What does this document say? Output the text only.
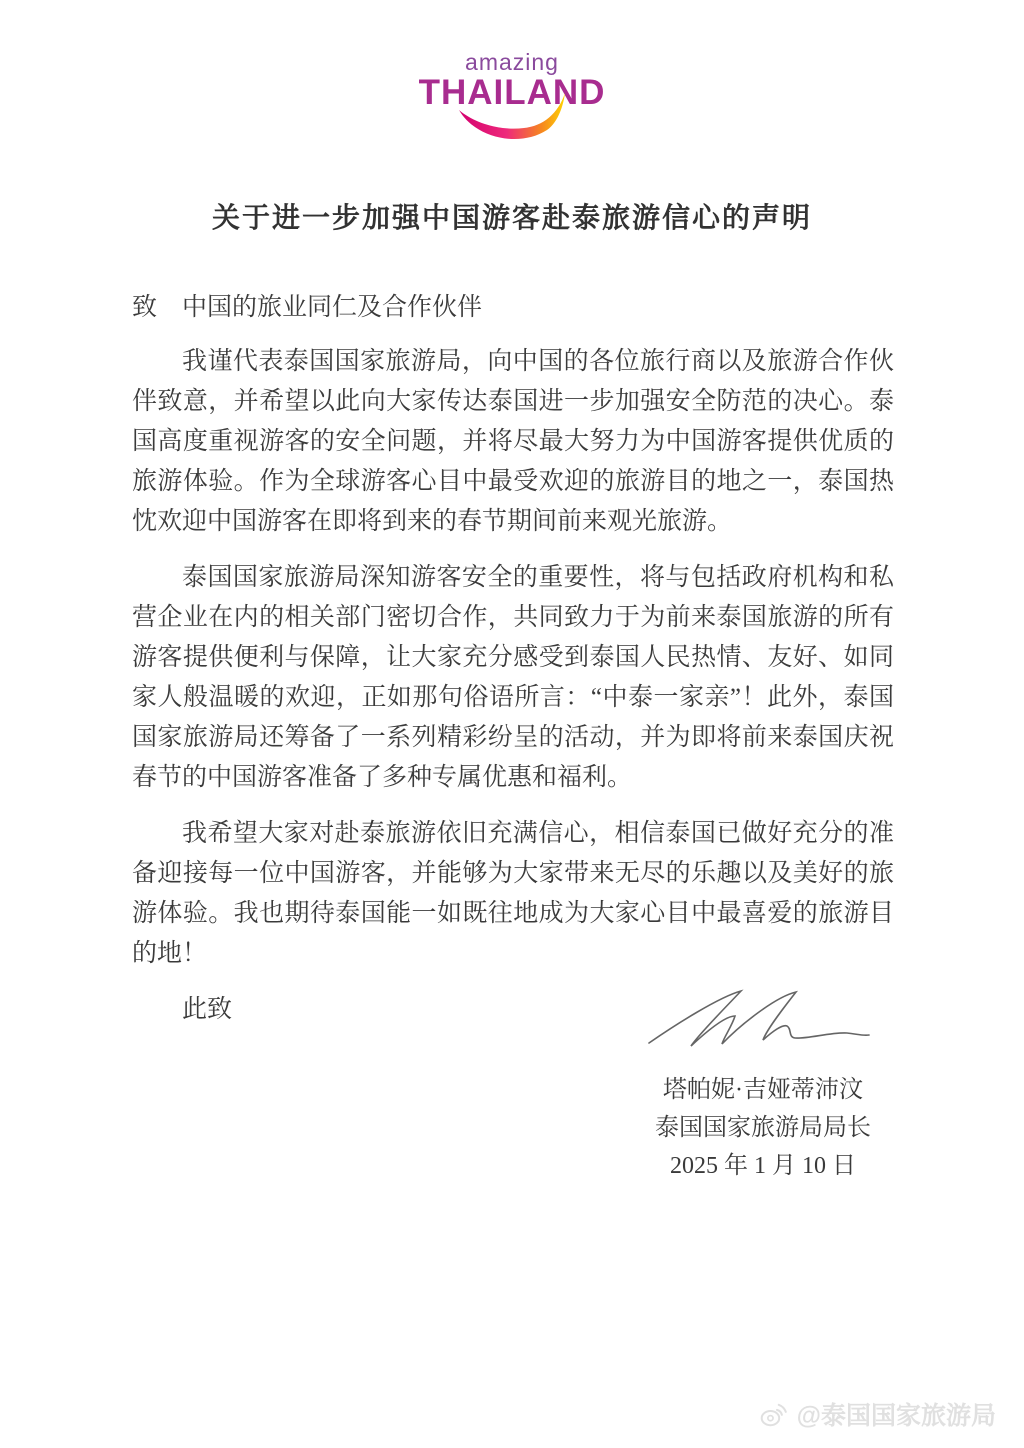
amazing
THAILAND
关于进一步加强中国游客赴泰旅游信心的声明
致　中国的旅业同仁及合作伙伴

我谨代表泰国国家旅游局，向中国的各位旅行商以及旅游合作伙伴致意，并希望以此向大家传达泰国进一步加强安全防范的决心。泰国高度重视游客的安全问题，并将尽最大努力为中国游客提供优质的旅游体验。作为全球游客心目中最受欢迎的旅游目的地之一，泰国热忱欢迎中国游客在即将到来的春节期间前来观光旅游。

泰国国家旅游局深知游客安全的重要性，将与包括政府机构和私营企业在内的相关部门密切合作，共同致力于为前来泰国旅游的所有游客提供便利与保障，让大家充分感受到泰国人民热情、友好、如同家人般温暖的欢迎，正如那句俗语所言：“中泰一家亲”！此外，泰国国家旅游局还筹备了一系列精彩纷呈的活动，并为即将前来泰国庆祝春节的中国游客准备了多种专属优惠和福利。

我希望大家对赴泰旅游依旧充满信心，相信泰国已做好充分的准备迎接每一位中国游客，并能够为大家带来无尽的乐趣以及美好的旅游体验。我也期待泰国能一如既往地成为大家心目中最喜爱的旅游目的地！

此致
塔帕妮·吉娅蒂沛汶
泰国国家旅游局局长
2025 年 1 月 10 日
@泰国国家旅游局
